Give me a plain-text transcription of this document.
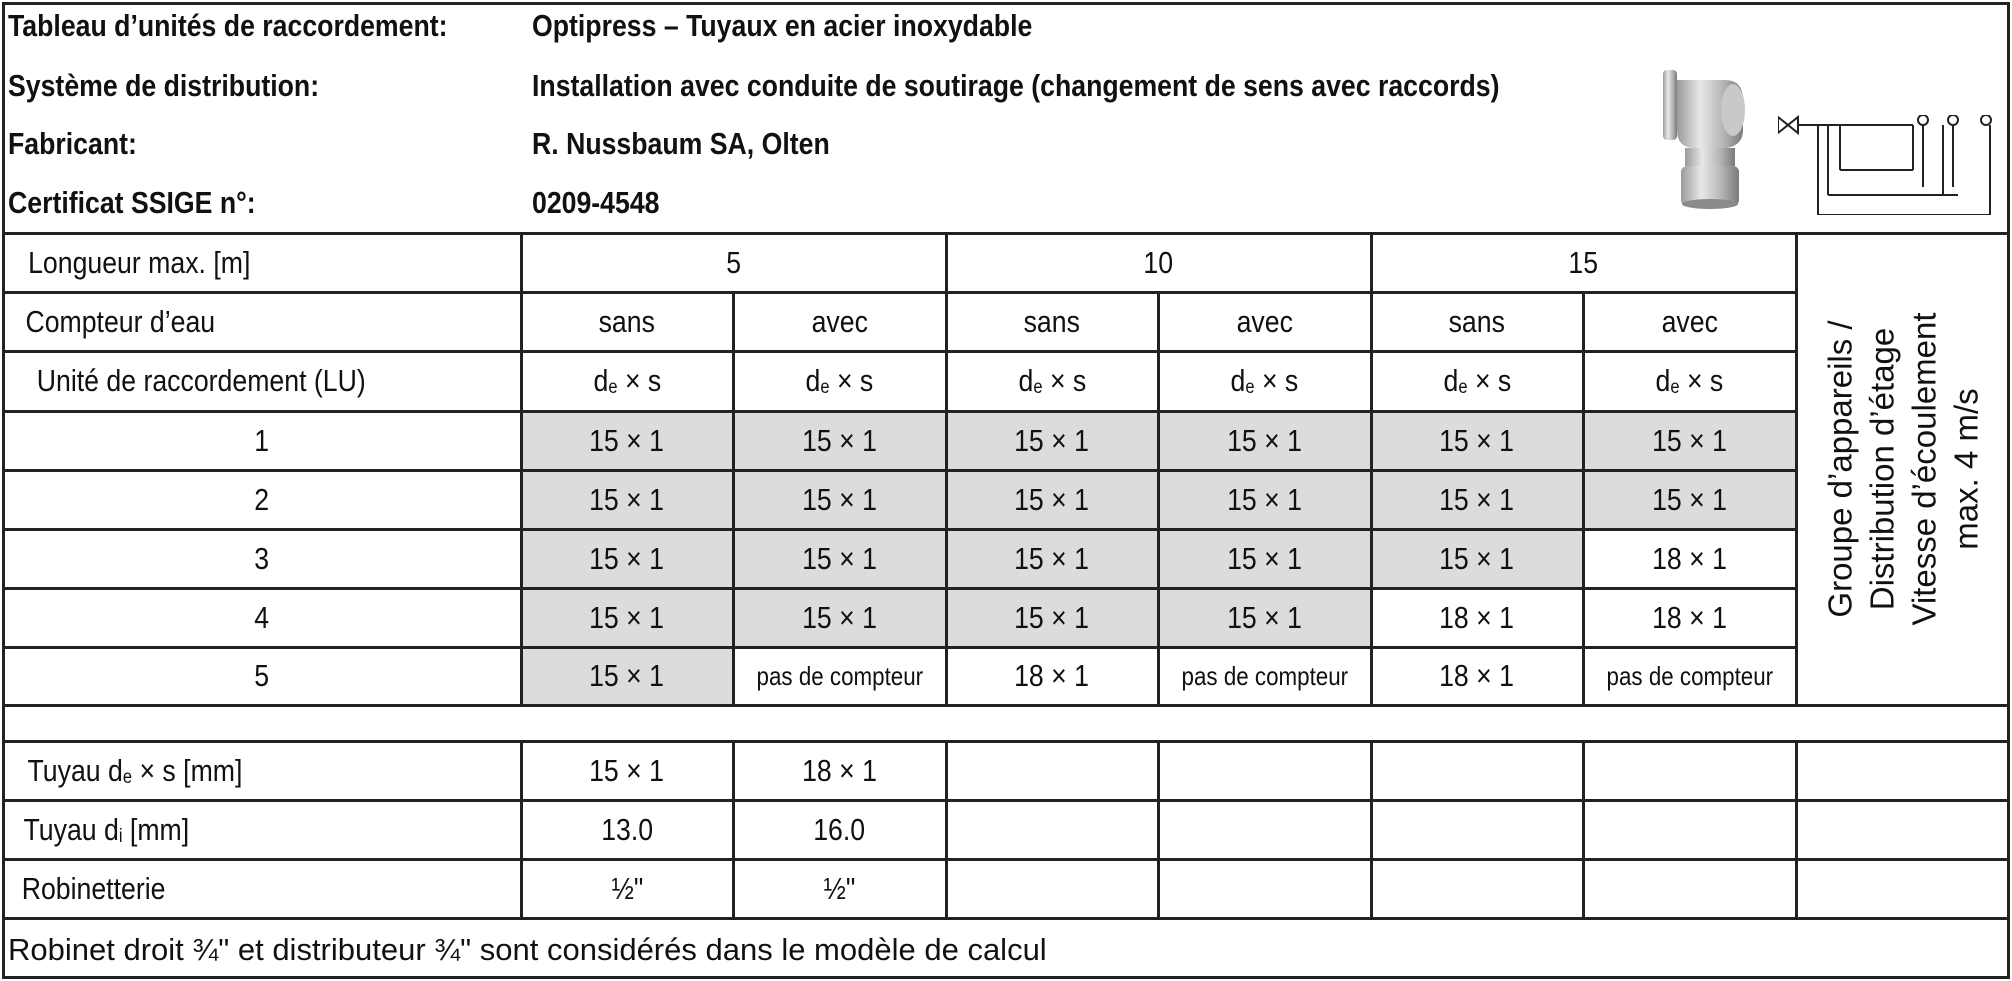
Tableau d’unités de raccordement:	Optipress – Tuyaux en acier inoxydable
Système de distribution:	Installation avec conduite de soutirage (changement de sens avec raccords)
Fabricant:	R. Nussbaum SA, Olten
Certificat SSIGE n°:	0209-4548
Longueur max. [m]	5	10	15
Compteur d’eau	sans	avec	sans	avec	sans	avec
Unité de raccordement (LU)	de × s	de × s	de × s	de × s	de × s	de × s
1	15 × 1	15 × 1	15 × 1	15 × 1	15 × 1	15 × 1
2	15 × 1	15 × 1	15 × 1	15 × 1	15 × 1	15 × 1
3	15 × 1	15 × 1	15 × 1	15 × 1	15 × 1	18 × 1
4	15 × 1	15 × 1	15 × 1	15 × 1	18 × 1	18 × 1
5	15 × 1	pas de compteur	18 × 1	pas de compteur	18 × 1	pas de compteur
Tuyau de × s [mm]	15 × 1	18 × 1
Tuyau di [mm]	13.0	16.0
Robinetterie	½"	½"
Groupe d’appareils / Distribution d’étage Vitesse d’écoulement max. 4 m/s
Robinet droit ¾" et distributeur ¾" sont considérés dans le modèle de calcul
